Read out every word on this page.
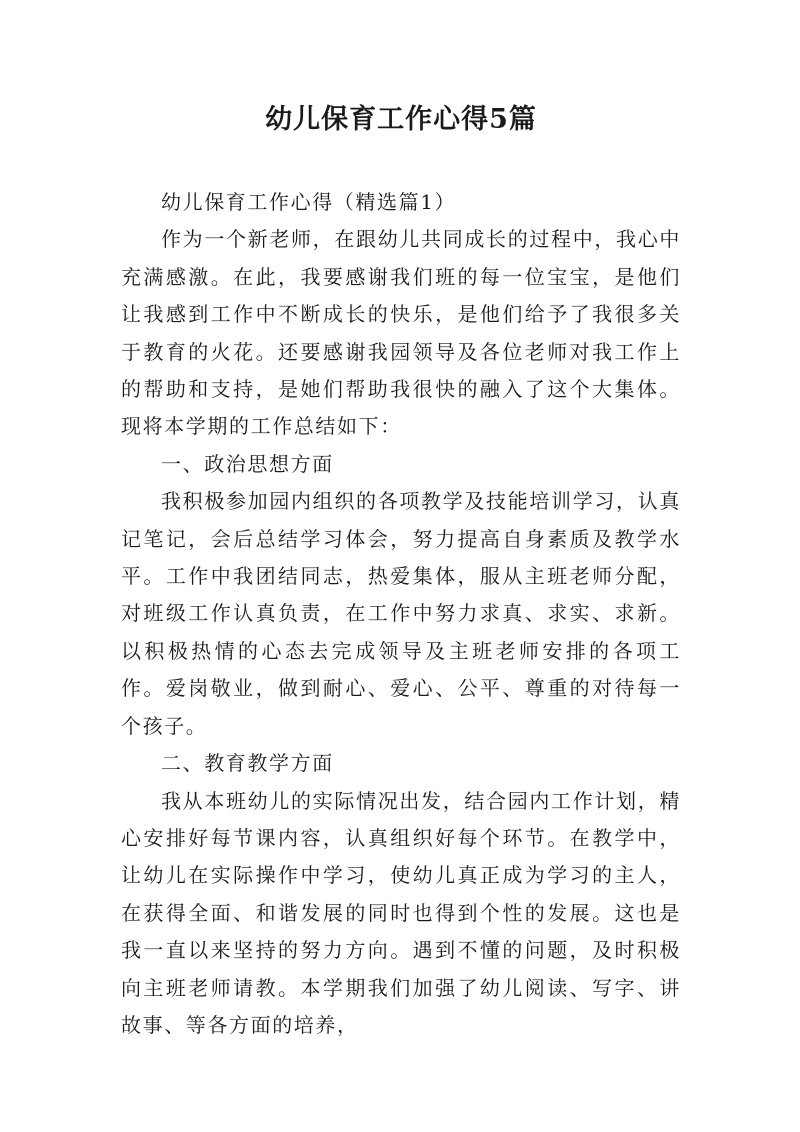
幼儿保育工作心得5篇

幼儿保育工作心得（精选篇1）

作为一个新老师，在跟幼儿共同成长的过程中，我心中充满感激。在此，我要感谢我们班的每一位宝宝，是他们让我感到工作中不断成长的快乐，是他们给予了我很多关于教育的火花。还要感谢我园领导及各位老师对我工作上的帮助和支持，是她们帮助我很快的融入了这个大集体。现将本学期的工作总结如下：

一、政治思想方面

我积极参加园内组织的各项教学及技能培训学习，认真记笔记，会后总结学习体会，努力提高自身素质及教学水平。工作中我团结同志，热爱集体，服从主班老师分配，对班级工作认真负责，在工作中努力求真、求实、求新。以积极热情的心态去完成领导及主班老师安排的各项工作。爱岗敬业，做到耐心、爱心、公平、尊重的对待每一个孩子。

二、教育教学方面

我从本班幼儿的实际情况出发，结合园内工作计划，精心安排好每节课内容，认真组织好每个环节。在教学中，让幼儿在实际操作中学习，使幼儿真正成为学习的主人，在获得全面、和谐发展的同时也得到个性的发展。这也是我一直以来坚持的努力方向。遇到不懂的问题，及时积极向主班老师请教。本学期我们加强了幼儿阅读、写字、讲故事、等各方面的培养，
